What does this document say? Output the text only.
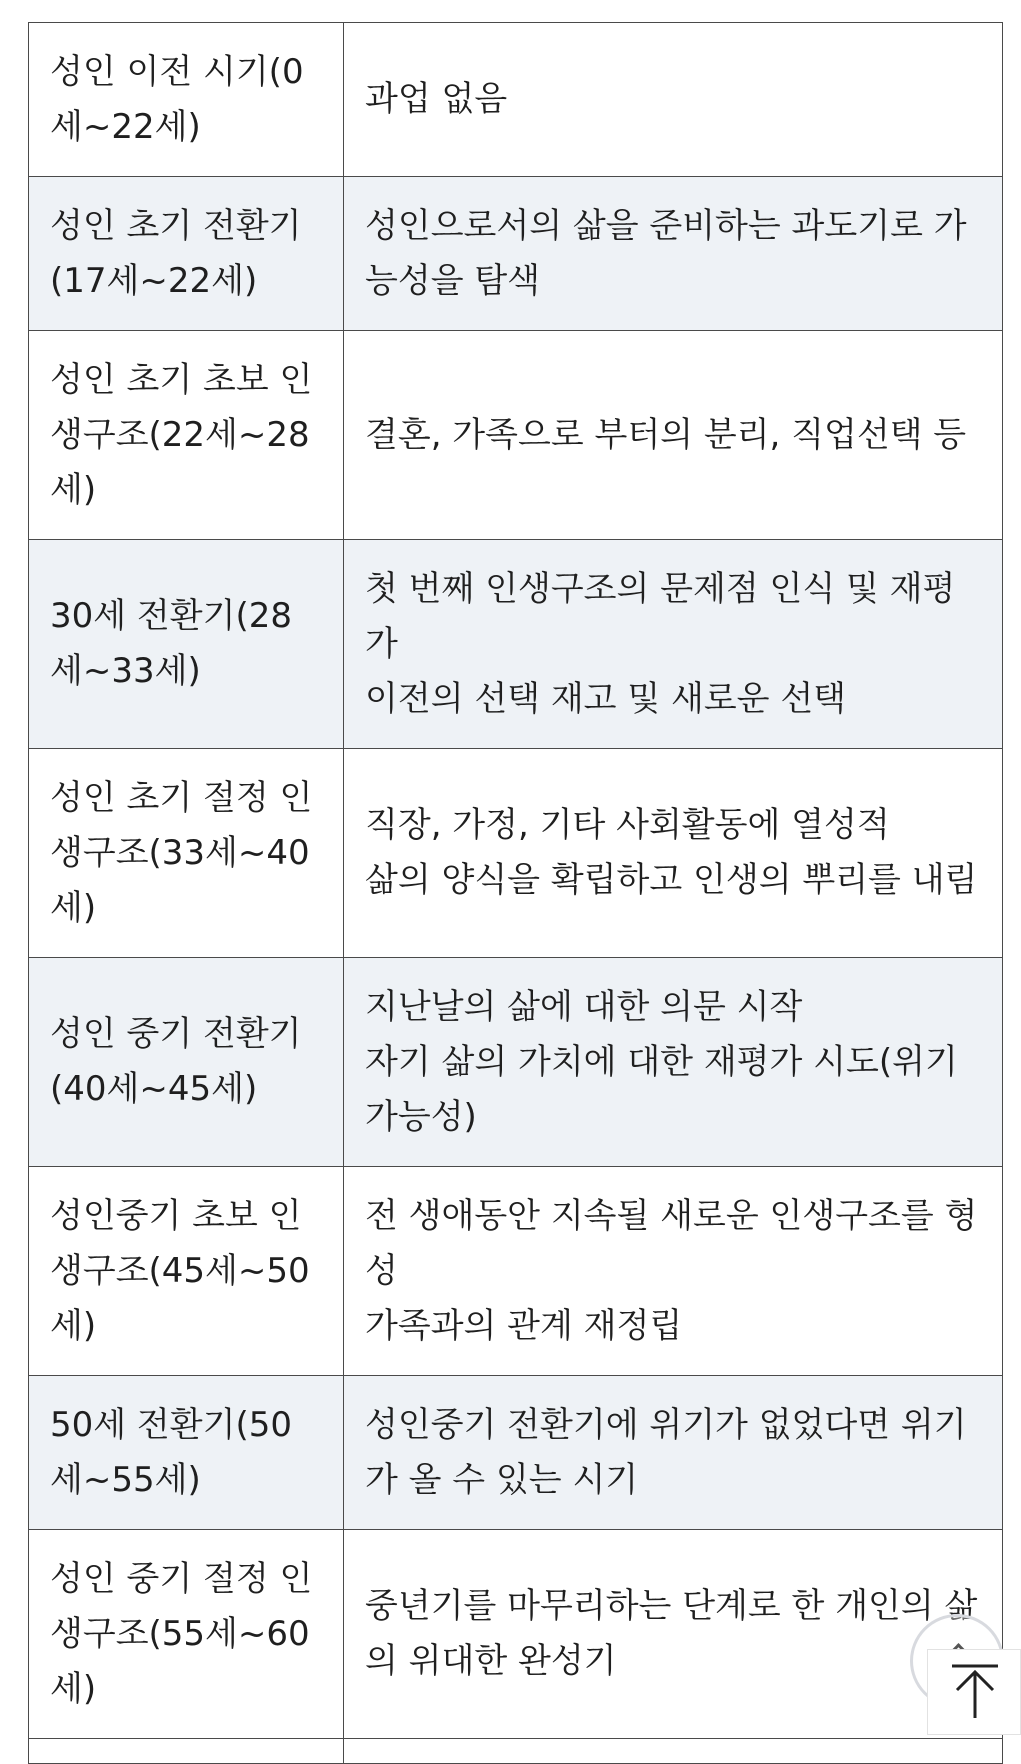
성인 이전 시기(0세~22세)	과업 없음

성인 초기 전환기(17세~22세)	성인으로서의 삶을 준비하는 과도기로 가능성을 탐색

성인 초기 초보 인생구조(22세~28세)	결혼, 가족으로 부터의 분리, 직업선택 등

30세 전환기(28세~33세)	첫 번째 인생구조의 문제점 인식 및 재평가
이전의 선택 재고 및 새로운 선택

성인 초기 절정 인생구조(33세~40세)	직장, 가정, 기타 사회활동에 열성적
삶의 양식을 확립하고 인생의 뿌리를 내림

성인 중기 전환기(40세~45세)	지난날의 삶에 대한 의문 시작
자기 삶의 가치에 대한 재평가 시도(위기가능성)

성인중기 초보 인생구조(45세~50세)	전 생애동안 지속될 새로운 인생구조를 형성
가족과의 관계 재정립

50세 전환기(50세~55세)	성인중기 전환기에 위기가 없었다면 위기가 올 수 있는 시기

성인 중기 절정 인생구조(55세~60세)	중년기를 마무리하는 단계로 한 개인의 삶의 위대한 완성기
